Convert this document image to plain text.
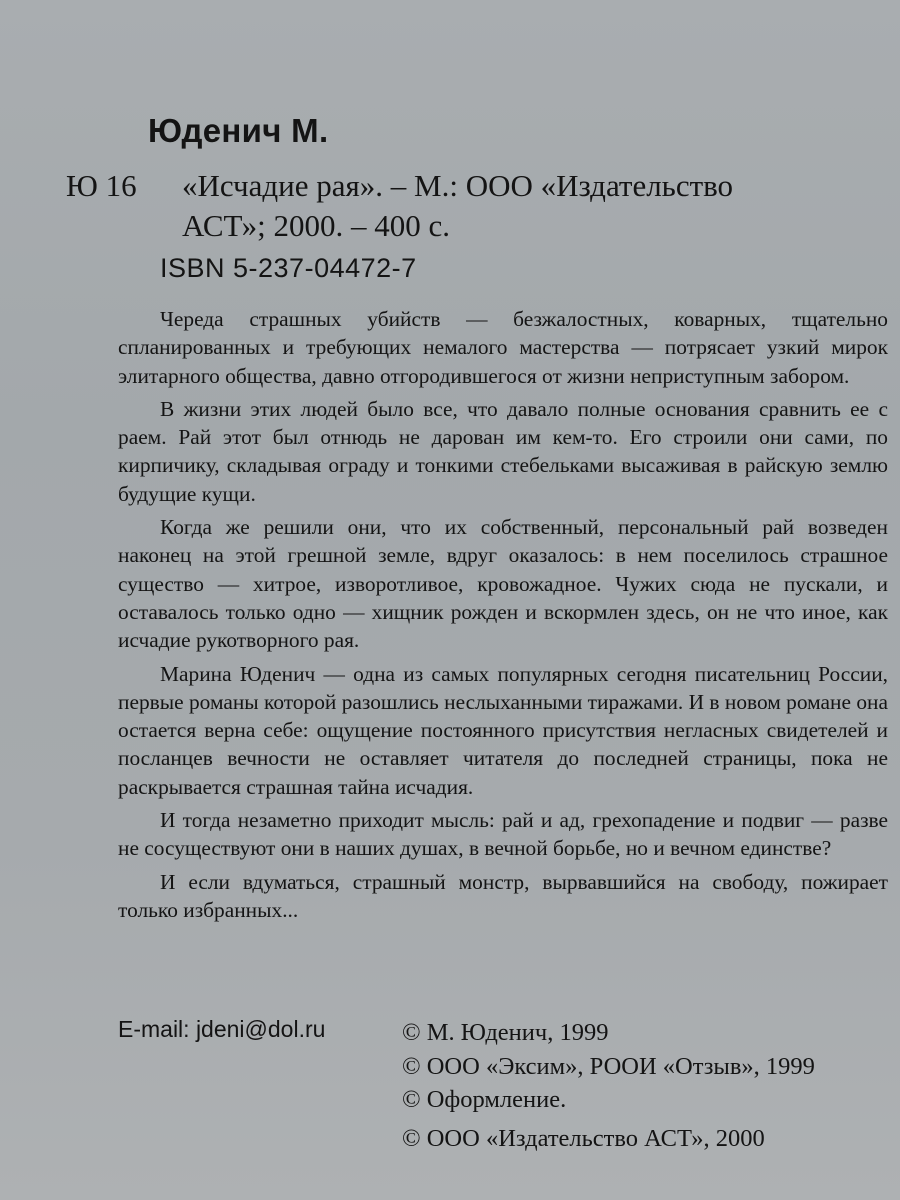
Юденич М.
Ю 16 «Исчадие рая». – М.: ООО «Издательство
АСТ»; 2000. – 400 с.
ISBN 5-237-04472-7

Череда страшных убийств — безжалостных, коварных, тщательно спланированных и требующих немалого мастерства — потрясает узкий мирок элитарного общества, давно отгородившегося от жизни неприступным забором.

В жизни этих людей было все, что давало полные основания сравнить ее с раем. Рай этот был отнюдь не дарован им кем-то. Его строили они сами, по кирпичику, складывая ограду и тонкими стебельками высаживая в райскую землю будущие кущи.

Когда же решили они, что их собственный, персональный рай возведен наконец на этой грешной земле, вдруг оказалось: в нем поселилось страшное существо — хитрое, изворотливое, кровожадное. Чужих сюда не пускали, и оставалось только одно — хищник рожден и вскормлен здесь, он не что иное, как исчадие рукотворного рая.

Марина Юденич — одна из самых популярных сегодня писательниц России, первые романы которой разошлись неслыханными тиражами. И в новом романе она остается верна себе: ощущение постоянного присутствия негласных свидетелей и посланцев вечности не оставляет читателя до последней страницы, пока не раскрывается страшная тайна исчадия.

И тогда незаметно приходит мысль: рай и ад, грехопадение и подвиг — разве не сосуществуют они в наших душах, в вечной борьбе, но и вечном единстве?

И если вдуматься, страшный монстр, вырвавшийся на свободу, пожирает только избранных...

E-mail: jdeni@dol.ru	© М. Юденич, 1999
© ООО «Эксим», РООИ «Отзыв», 1999
© Оформление.
© ООО «Издательство АСТ», 2000
